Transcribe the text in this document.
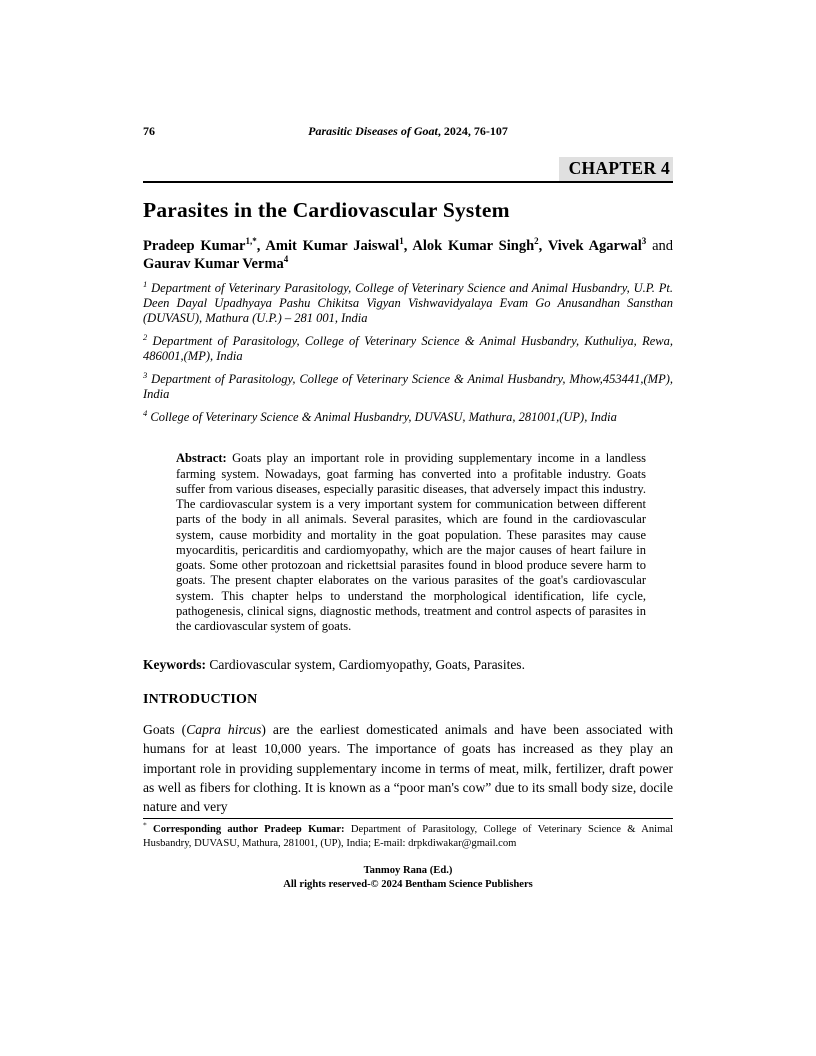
76	Parasitic Diseases of Goat, 2024, 76-107
CHAPTER 4
Parasites in the Cardiovascular System

Pradeep Kumar$^{1,*}$, Amit Kumar Jaiswal$^1$, Alok Kumar Singh$^2$, Vivek Agarwal$^3$ and Gaurav Kumar Verma$^4$

$^1$ Department of Veterinary Parasitology, College of Veterinary Science and Animal Husbandry, U.P. Pt. Deen Dayal Upadhyaya Pashu Chikitsa Vigyan Vishwavidyalaya Evam Go Anusandhan Sansthan (DUVASU), Mathura (U.P.) – 281 001, India

$^2$ Department of Parasitology, College of Veterinary Science & Animal Husbandry, Kuthuliya, Rewa, 486001,(MP), India

$^3$ Department of Parasitology, College of Veterinary Science & Animal Husbandry, Mhow,453441,(MP), India

$^4$ College of Veterinary Science & Animal Husbandry, DUVASU, Mathura, 281001,(UP), India

Abstract: Goats play an important role in providing supplementary income in a landless farming system. Nowadays, goat farming has converted into a profitable industry. Goats suffer from various diseases, especially parasitic diseases, that adversely impact this industry. The cardiovascular system is a very important system for communication between different parts of the body in all animals. Several parasites, which are found in the cardiovascular system, cause morbidity and mortality in the goat population. These parasites may cause myocarditis, pericarditis and cardiomyopathy, which are the major causes of heart failure in goats. Some other protozoan and rickettsial parasites found in blood produce severe harm to goats. The present chapter elaborates on the various parasites of the goat's cardiovascular system. This chapter helps to understand the morphological identification, life cycle, pathogenesis, clinical signs, diagnostic methods, treatment and control aspects of parasites in the cardiovascular system of goats.

Keywords: Cardiovascular system, Cardiomyopathy, Goats, Parasites.

INTRODUCTION

Goats (Capra hircus) are the earliest domesticated animals and have been associated with humans for at least 10,000 years. The importance of goats has increased as they play an important role in providing supplementary income in terms of meat, milk, fertilizer, draft power as well as fibers for clothing. It is known as a “poor man's cow” due to its small body size, docile nature and very

* Corresponding author Pradeep Kumar: Department of Parasitology, College of Veterinary Science & Animal Husbandry, DUVASU, Mathura, 281001, (UP), India; E-mail: drpkdiwakar@gmail.com
Tanmoy Rana (Ed.)
All rights reserved-© 2024 Bentham Science Publishers
